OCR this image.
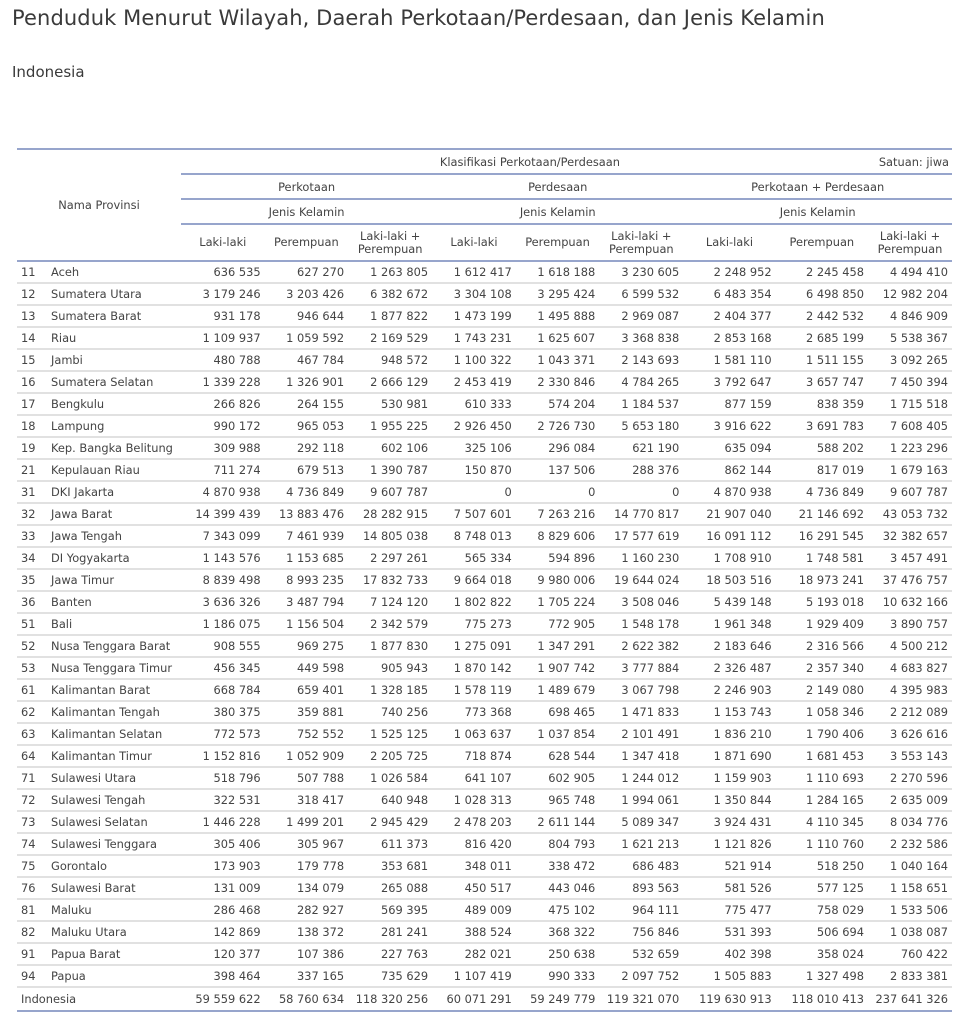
Penduduk Menurut Wilayah, Daerah Perkotaan/Perdesaan, dan Jenis Kelamin
Indonesia
Nama Provinsi		Klasifikasi Perkotaan/Perdesaan Satuan: jiwa								

		Perkotaan			Perdesaan			Perkotaan + Perdesaan		
		Jenis Kelamin			Jenis Kelamin			Jenis Kelamin		
		Laki-laki	Perempuan	Laki-laki + Perempuan	Laki-laki	Perempuan	Laki-laki + Perempuan	Laki-laki	Perempuan	Laki-laki + Perempuan
11	Aceh	636 535	627 270	1 263 805	1 612 417	1 618 188	3 230 605	2 248 952	2 245 458	4 494 410
12	Sumatera Utara	3 179 246	3 203 426	6 382 672	3 304 108	3 295 424	6 599 532	6 483 354	6 498 850	12 982 204
13	Sumatera Barat	931 178	946 644	1 877 822	1 473 199	1 495 888	2 969 087	2 404 377	2 442 532	4 846 909
14	Riau	1 109 937	1 059 592	2 169 529	1 743 231	1 625 607	3 368 838	2 853 168	2 685 199	5 538 367
15	Jambi	480 788	467 784	948 572	1 100 322	1 043 371	2 143 693	1 581 110	1 511 155	3 092 265
16	Sumatera Selatan	1 339 228	1 326 901	2 666 129	2 453 419	2 330 846	4 784 265	3 792 647	3 657 747	7 450 394
17	Bengkulu	266 826	264 155	530 981	610 333	574 204	1 184 537	877 159	838 359	1 715 518
18	Lampung	990 172	965 053	1 955 225	2 926 450	2 726 730	5 653 180	3 916 622	3 691 783	7 608 405
19	Kep. Bangka Belitung	309 988	292 118	602 106	325 106	296 084	621 190	635 094	588 202	1 223 296
21	Kepulauan Riau	711 274	679 513	1 390 787	150 870	137 506	288 376	862 144	817 019	1 679 163
31	DKI Jakarta	4 870 938	4 736 849	9 607 787	0	0	0	4 870 938	4 736 849	9 607 787
32	Jawa Barat	14 399 439	13 883 476	28 282 915	7 507 601	7 263 216	14 770 817	21 907 040	21 146 692	43 053 732
33	Jawa Tengah	7 343 099	7 461 939	14 805 038	8 748 013	8 829 606	17 577 619	16 091 112	16 291 545	32 382 657
34	DI Yogyakarta	1 143 576	1 153 685	2 297 261	565 334	594 896	1 160 230	1 708 910	1 748 581	3 457 491
35	Jawa Timur	8 839 498	8 993 235	17 832 733	9 664 018	9 980 006	19 644 024	18 503 516	18 973 241	37 476 757
36	Banten	3 636 326	3 487 794	7 124 120	1 802 822	1 705 224	3 508 046	5 439 148	5 193 018	10 632 166
51	Bali	1 186 075	1 156 504	2 342 579	775 273	772 905	1 548 178	1 961 348	1 929 409	3 890 757
52	Nusa Tenggara Barat	908 555	969 275	1 877 830	1 275 091	1 347 291	2 622 382	2 183 646	2 316 566	4 500 212
53	Nusa Tenggara Timur	456 345	449 598	905 943	1 870 142	1 907 742	3 777 884	2 326 487	2 357 340	4 683 827
61	Kalimantan Barat	668 784	659 401	1 328 185	1 578 119	1 489 679	3 067 798	2 246 903	2 149 080	4 395 983
62	Kalimantan Tengah	380 375	359 881	740 256	773 368	698 465	1 471 833	1 153 743	1 058 346	2 212 089
63	Kalimantan Selatan	772 573	752 552	1 525 125	1 063 637	1 037 854	2 101 491	1 836 210	1 790 406	3 626 616
64	Kalimantan Timur	1 152 816	1 052 909	2 205 725	718 874	628 544	1 347 418	1 871 690	1 681 453	3 553 143
71	Sulawesi Utara	518 796	507 788	1 026 584	641 107	602 905	1 244 012	1 159 903	1 110 693	2 270 596
72	Sulawesi Tengah	322 531	318 417	640 948	1 028 313	965 748	1 994 061	1 350 844	1 284 165	2 635 009
73	Sulawesi Selatan	1 446 228	1 499 201	2 945 429	2 478 203	2 611 144	5 089 347	3 924 431	4 110 345	8 034 776
74	Sulawesi Tenggara	305 406	305 967	611 373	816 420	804 793	1 621 213	1 121 826	1 110 760	2 232 586
75	Gorontalo	173 903	179 778	353 681	348 011	338 472	686 483	521 914	518 250	1 040 164
76	Sulawesi Barat	131 009	134 079	265 088	450 517	443 046	893 563	581 526	577 125	1 158 651
81	Maluku	286 468	282 927	569 395	489 009	475 102	964 111	775 477	758 029	1 533 506
82	Maluku Utara	142 869	138 372	281 241	388 524	368 322	756 846	531 393	506 694	1 038 087
91	Papua Barat	120 377	107 386	227 763	282 021	250 638	532 659	402 398	358 024	760 422
94	Papua	398 464	337 165	735 629	1 107 419	990 333	2 097 752	1 505 883	1 327 498	2 833 381
Indonesia		59 559 622	58 760 634	118 320 256	60 071 291	59 249 779	119 321 070	119 630 913	118 010 413	237 641 326
